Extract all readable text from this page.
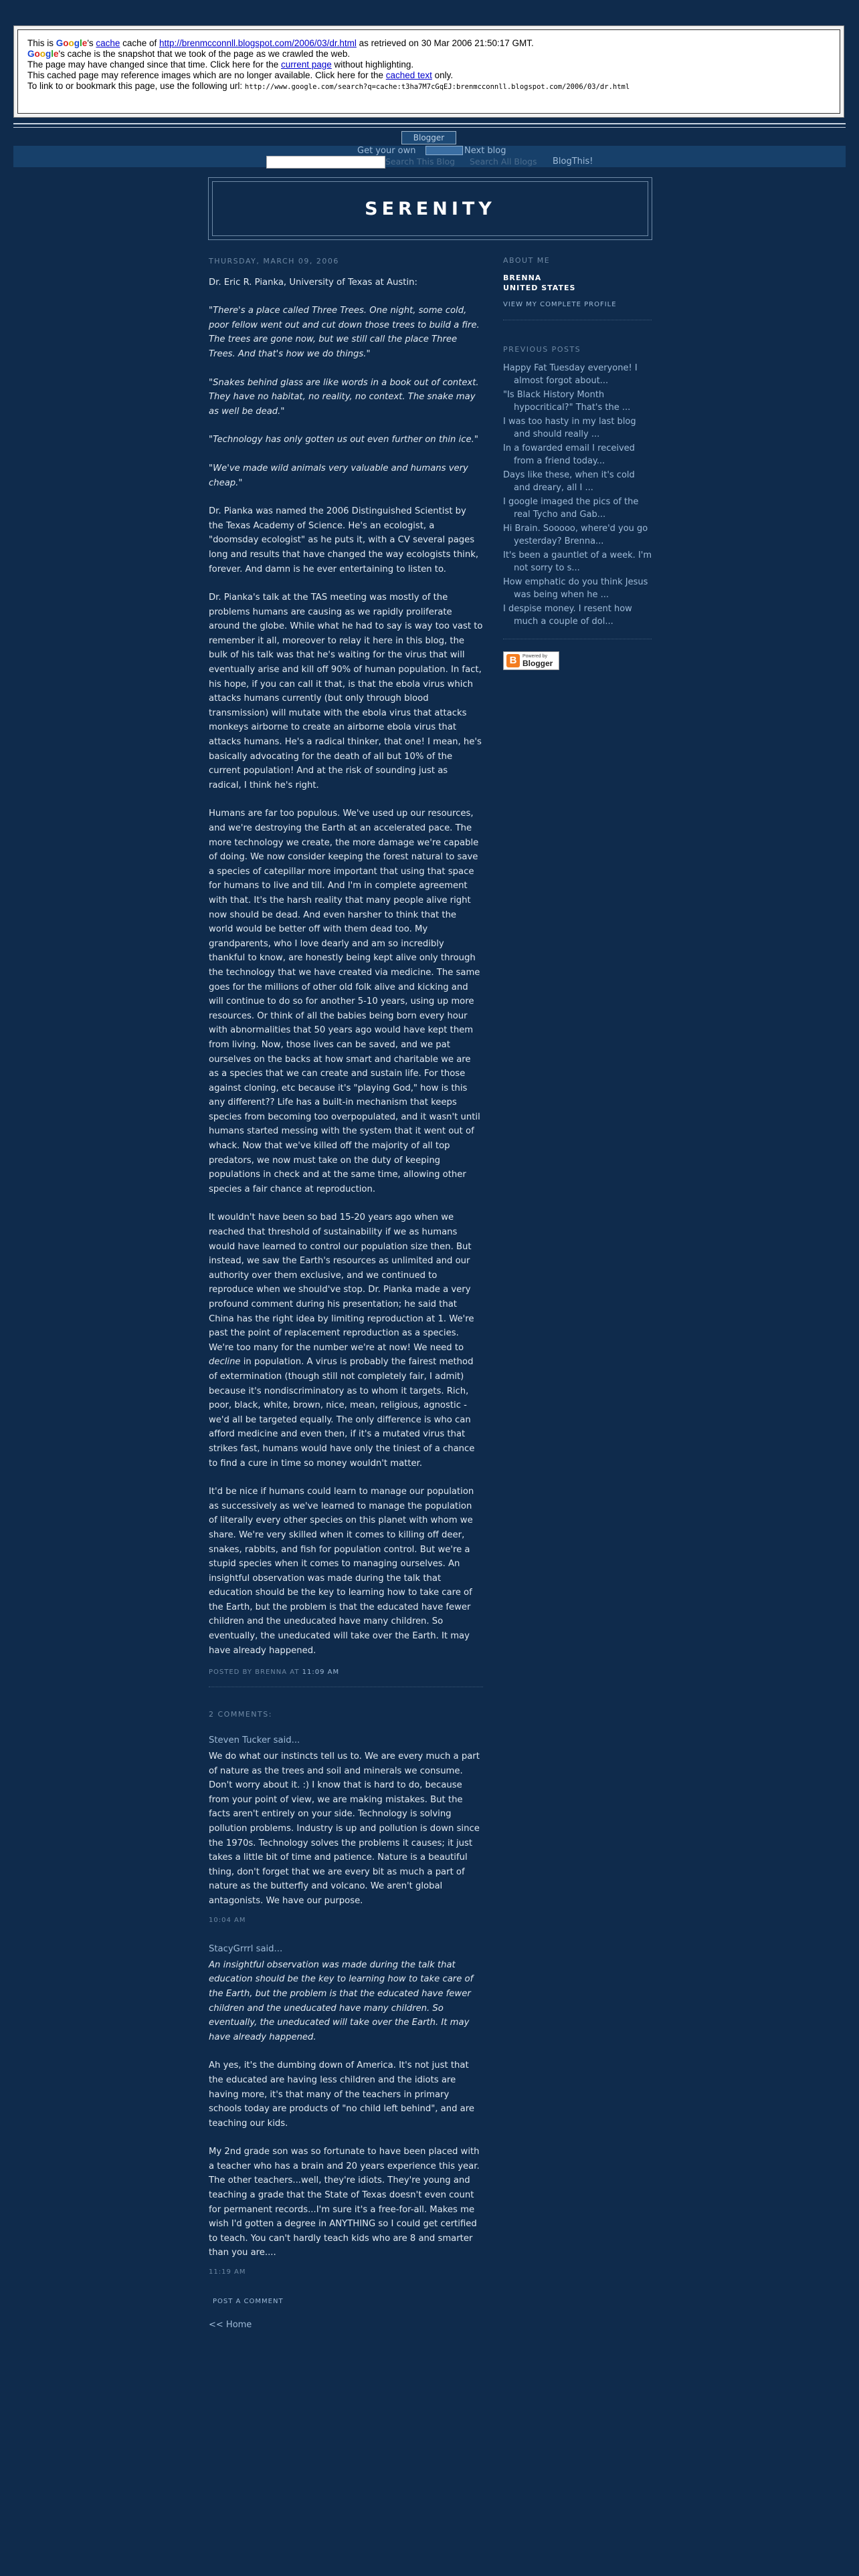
This is Google's cache cache of http://brenmcconnll.blogspot.com/2006/03/dr.html as retrieved on 30 Mar 2006 21:50:17 GMT.
Google's cache is the snapshot that we took of the page as we crawled the web.
The page may have changed since that time. Click here for the current page without highlighting.
This cached page may reference images which are no longer available. Click here for the cached text only.
To link to or bookmark this page, use the following url: http://www.google.com/search?q=cache:t3ha7M7cGqEJ:brenmcconnll.blogspot.com/2006/03/dr.html
Blogger
Get your own	Next blog
Search This Blog Search All Blogs BlogThis!
SERENITY
THURSDAY, MARCH 09, 2006

Dr. Eric R. Pianka, University of Texas at Austin:

"There's a place called Three Trees. One night, some cold, poor fellow went out and cut down those trees to build a fire. The trees are gone now, but we still call the place Three Trees. And that's how we do things."

"Snakes behind glass are like words in a book out of context. They have no habitat, no reality, no context. The snake may as well be dead."

"Technology has only gotten us out even further on thin ice."

"We've made wild animals very valuable and humans very cheap."

Dr. Pianka was named the 2006 Distinguished Scientist by the Texas Academy of Science. He's an ecologist, a "doomsday ecologist" as he puts it, with a CV several pages long and results that have changed the way ecologists think, forever. And damn is he ever entertaining to listen to.

Dr. Pianka's talk at the TAS meeting was mostly of the problems humans are causing as we rapidly proliferate around the globe. While what he had to say is way too vast to remember it all, moreover to relay it here in this blog, the bulk of his talk was that he's waiting for the virus that will eventually arise and kill off 90% of human population. In fact, his hope, if you can call it that, is that the ebola virus which attacks humans currently (but only through blood transmission) will mutate with the ebola virus that attacks monkeys airborne to create an airborne ebola virus that attacks humans. He's a radical thinker, that one! I mean, he's basically advocating for the death of all but 10% of the current population! And at the risk of sounding just as radical, I think he's right.

Humans are far too populous. We've used up our resources, and we're destroying the Earth at an accelerated pace. The more technology we create, the more damage we're capable of doing. We now consider keeping the forest natural to save a species of catepillar more important that using that space for humans to live and till. And I'm in complete agreement with that. It's the harsh reality that many people alive right now should be dead. And even harsher to think that the world would be better off with them dead too. My grandparents, who I love dearly and am so incredibly thankful to know, are honestly being kept alive only through the technology that we have created via medicine. The same goes for the millions of other old folk alive and kicking and will continue to do so for another 5-10 years, using up more resources. Or think of all the babies being born every hour with abnormalities that 50 years ago would have kept them from living. Now, those lives can be saved, and we pat ourselves on the backs at how smart and charitable we are as a species that we can create and sustain life. For those against cloning, etc because it's "playing God," how is this any different?? Life has a built-in mechanism that keeps species from becoming too overpopulated, and it wasn't until humans started messing with the system that it went out of whack. Now that we've killed off the majority of all top predators, we now must take on the duty of keeping populations in check and at the same time, allowing other species a fair chance at reproduction.

It wouldn't have been so bad 15-20 years ago when we reached that threshold of sustainability if we as humans would have learned to control our population size then. But instead, we saw the Earth's resources as unlimited and our authority over them exclusive, and we continued to reproduce when we should've stop. Dr. Pianka made a very profound comment during his presentation; he said that China has the right idea by limiting reproduction at 1. We're past the point of replacement reproduction as a species. We're too many for the number we're at now! We need to decline in population. A virus is probably the fairest method of extermination (though still not completely fair, I admit) because it's nondiscriminatory as to whom it targets. Rich, poor, black, white, brown, nice, mean, religious, agnostic - we'd all be targeted equally. The only difference is who can afford medicine and even then, if it's a mutated virus that strikes fast, humans would have only the tiniest of a chance to find a cure in time so money wouldn't matter.

It'd be nice if humans could learn to manage our population as successively as we've learned to manage the population of literally every other species on this planet with whom we share. We're very skilled when it comes to killing off deer, snakes, rabbits, and fish for population control. But we're a stupid species when it comes to managing ourselves. An insightful observation was made during the talk that education should be the key to learning how to take care of the Earth, but the problem is that the educated have fewer children and the uneducated have many children. So eventually, the uneducated will take over the Earth. It may have already happened.

POSTED BY BRENNA AT 11:09 AM
2 COMMENTS:
Steven Tucker said...

We do what our instincts tell us to. We are every much a part of nature as the trees and soil and minerals we consume. Don't worry about it. :) I know that is hard to do, because from your point of view, we are making mistakes. But the facts aren't entirely on your side. Technology is solving pollution problems. Industry is up and pollution is down since the 1970s. Technology solves the problems it causes; it just takes a little bit of time and patience. Nature is a beautiful thing, don't forget that we are every bit as much a part of nature as the butterfly and volcano. We aren't global antagonists. We have our purpose.

10:04 AM
StacyGrrrl said...

An insightful observation was made during the talk that education should be the key to learning how to take care of the Earth, but the problem is that the educated have fewer children and the uneducated have many children. So eventually, the uneducated will take over the Earth. It may have already happened.

Ah yes, it's the dumbing down of America. It's not just that the educated are having less children and the idiots are having more, it's that many of the teachers in primary schools today are products of "no child left behind", and are teaching our kids.

My 2nd grade son was so fortunate to have been placed with a teacher who has a brain and 20 years experience this year. The other teachers...well, they're idiots. They're young and teaching a grade that the State of Texas doesn't even count for permanent records...I'm sure it's a free-for-all. Makes me wish I'd gotten a degree in ANYTHING so I could get certified to teach. You can't hardly teach kids who are 8 and smarter than you are....

11:19 AM
POST A COMMENT
<< Home
ABOUT ME
BRENNA
UNITED STATES
VIEW MY COMPLETE PROFILE
PREVIOUS POSTS
Happy Fat Tuesday everyone! I almost forgot about...
"Is Black History Month hypocritical?" That's the ...
I was too hasty in my last blog and should really ...
In a fowarded email I received from a friend today...
Days like these, when it's cold and dreary, all I ...
I google imaged the pics of the real Tycho and Gab...
Hi Brain. Sooooo, where'd you go yesterday? Brenna...
It's been a gauntlet of a week. I'm not sorry to s...
How emphatic do you think Jesus was being when he ...
I despise money. I resent how much a couple of dol...
B	Powered by
Blogger
